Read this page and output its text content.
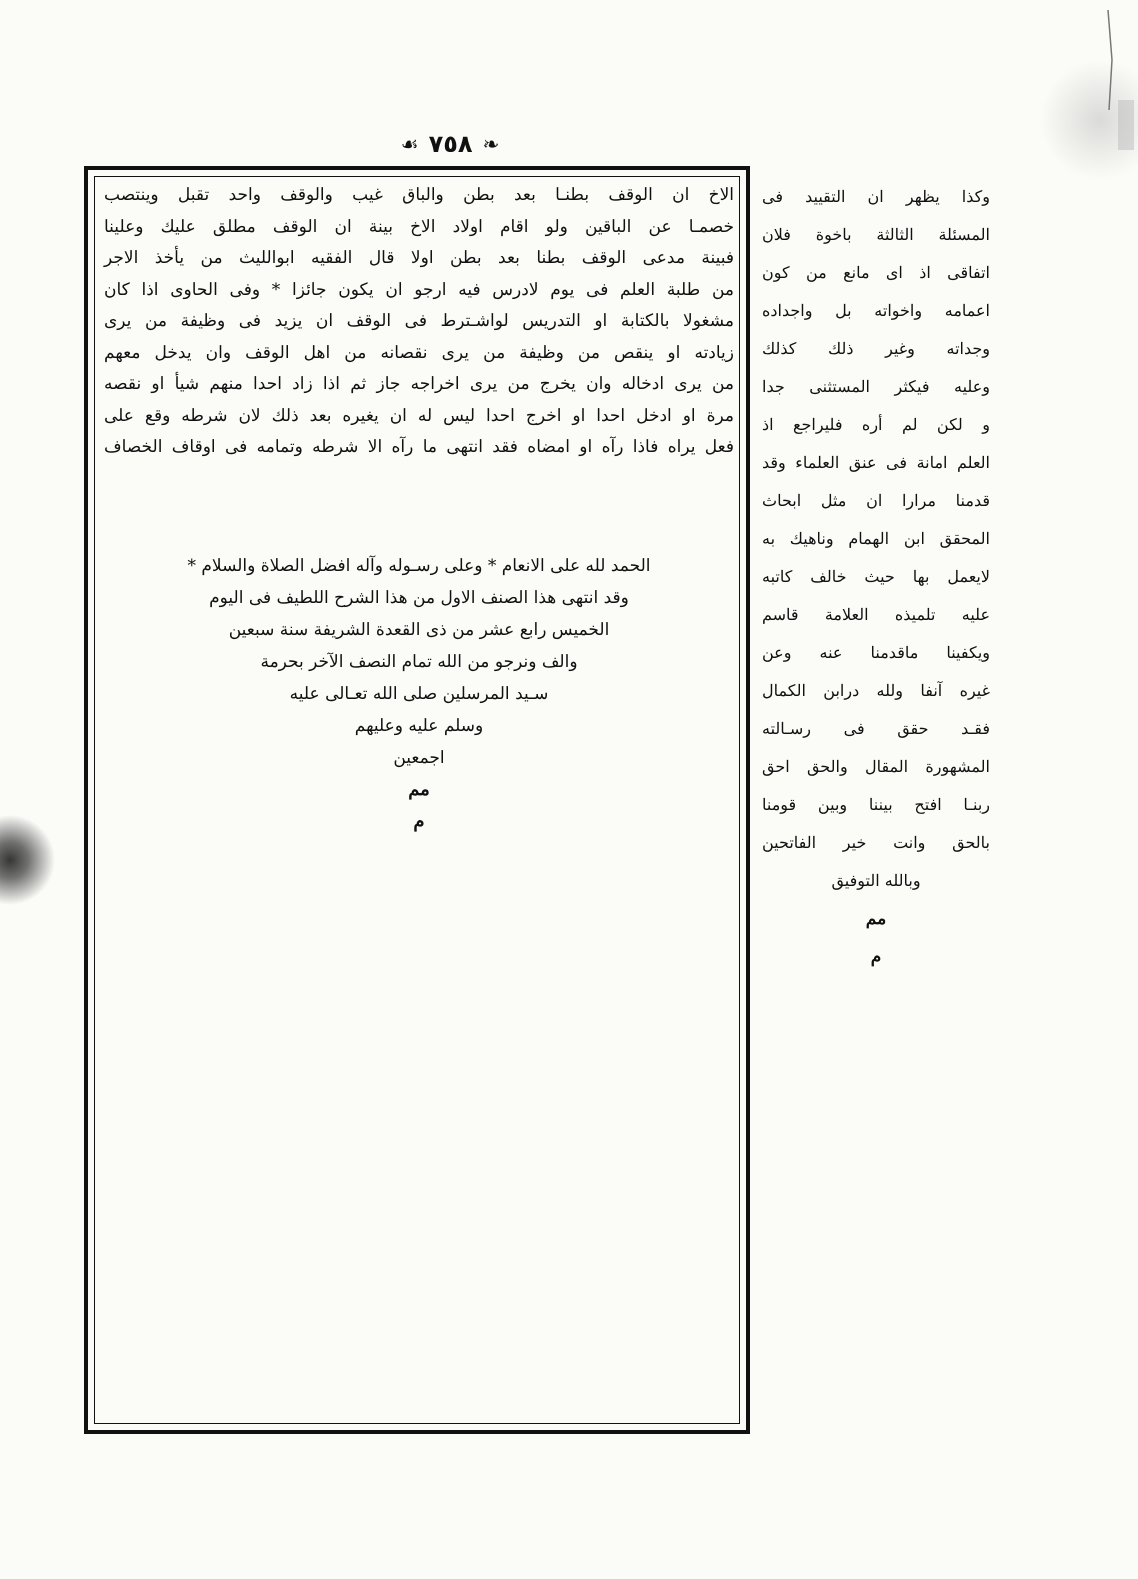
❧
٧٥٨
☙
الاخ ان الوقف بطنـا بعد بطن والباق غيب والوقف واحد تقبل وينتصب
خصمـا عن الباقين ولو اقام اولاد الاخ بينة ان الوقف مطلق عليك وعلينا
فبينة مدعى الوقف بطنا بعد بطن اولا قال الفقيه ابوالليث من يأخذ الاجر
من طلبة العلم فى يوم لادرس فيه ارجو ان يكون جائزا * وفى الحاوى اذا كان
مشغولا بالكتابة او التدريس لواشـترط فى الوقف ان يزيد فى وظيفة من يرى
زيادته او ينقص من وظيفة من يرى نقصانه من اهل الوقف وان يدخل معهم
من يرى ادخاله وان يخرج من يرى اخراجه جاز ثم اذا زاد احدا منهم شيأ او نقصه
مرة او ادخل احدا او اخرج احدا ليس له ان يغيره بعد ذلك لان شرطه وقع على
فعل يراه فاذا رآه او امضاه فقد انتهى ما رآه الا شرطه وتمامه فى اوقاف الخصاف
الحمد لله على الانعام * وعلى رسـوله وآله افضل الصلاة والسلام *
وقد انتهى هذا الصنف الاول من هذا الشرح اللطيف فى اليوم
الخميس رابع عشر من ذى القعدة الشريفة سنة سبعين
والف ونرجو من الله تمام النصف الآخر بحرمة
سـيد المرسلين صلى الله تعـالى عليه
وسلم عليه وعليهم
اجمعين
مم
م
وكذا يظهر ان التقييد فى
المسئلة الثالثة باخوة فلان
اتفاقى اذ اى مانع من كون
اعمامه واخواته بل واجداده
وجداته وغير ذلك كذلك
وعليه فيكثر المستثنى جدا
و لكن لم أره فليراجع اذ
العلم امانة فى عنق العلماء وقد
قدمنا مرارا ان مثل ابحاث
المحقق ابن الهمام وناهيك به
لايعمل بها حيث خالف كاتبه
عليه تلميذه العلامة قاسم
ويكفينا ماقدمنا عنه وعن
غيره آنفا ولله درابن الكمال
فقـد حقق فى رسـالته
المشهورة المقال والحق احق
ربنـا افتح بيننا وبين قومنا
بالحق وانت خير الفاتحين
وبالله التوفيق
مم
م
